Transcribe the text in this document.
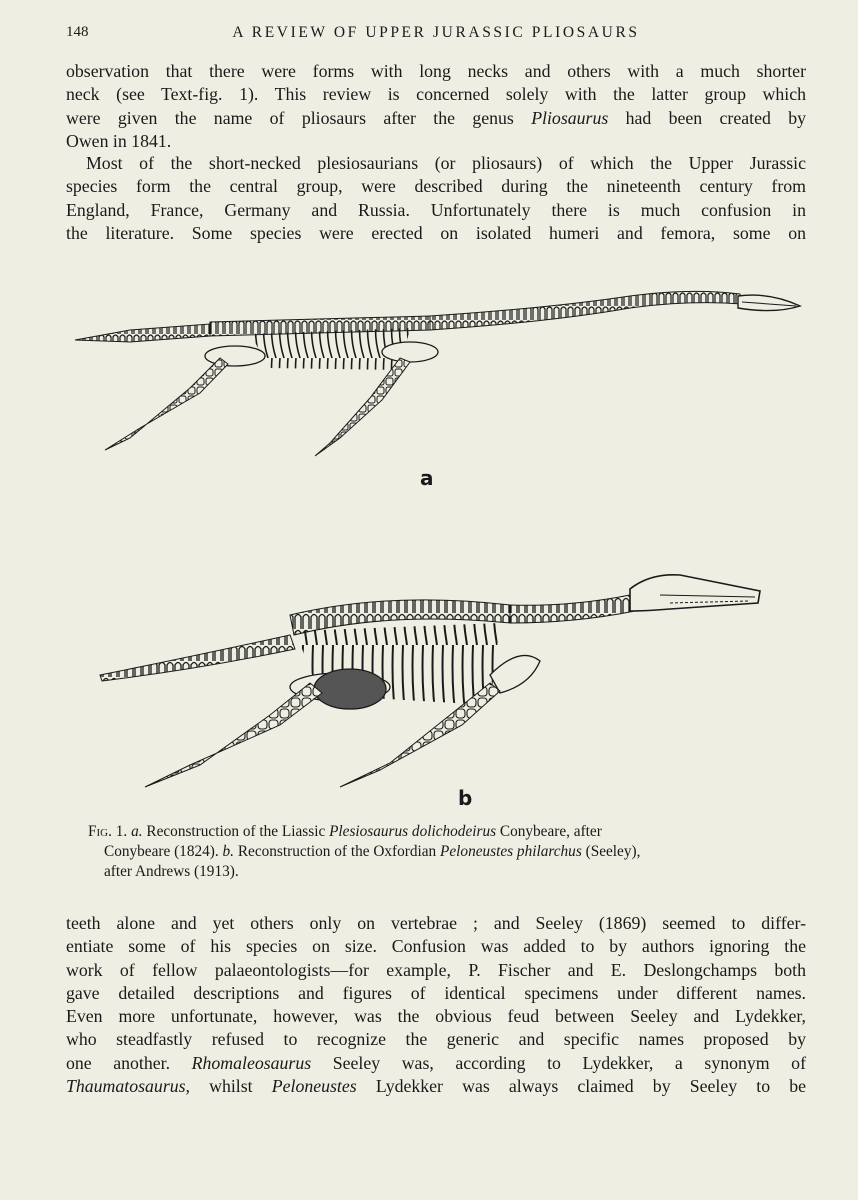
148	A REVIEW OF UPPER JURASSIC PLIOSAURS

observation that there were forms with long necks and others with a much shorter
neck (see Text-fig. 1). This review is concerned solely with the latter group which
were given the name of pliosaurs after the genus Pliosaurus had been created by
Owen in 1841.

Most of the short-necked plesiosaurians (or pliosaurs) of which the Upper Jurassic
species form the central group, were described during the nineteenth century from
England, France, Germany and Russia. Unfortunately there is much confusion in
the literature. Some species were erected on isolated humeri and femora, some on

a
b
Fig. 1. a. Reconstruction of the Liassic Plesiosaurus dolichodeirus Conybeare, after
Conybeare (1824). b. Reconstruction of the Oxfordian Peloneustes philarchus (Seeley),
after Andrews (1913).

teeth alone and yet others only on vertebrae ; and Seeley (1869) seemed to differ-
entiate some of his species on size. Confusion was added to by authors ignoring the
work of fellow palaeontologists—for example, P. Fischer and E. Deslongchamps both
gave detailed descriptions and figures of identical specimens under different names.
Even more unfortunate, however, was the obvious feud between Seeley and Lydekker,
who steadfastly refused to recognize the generic and specific names proposed by
one another. Rhomaleosaurus Seeley was, according to Lydekker, a synonym of
Thaumatosaurus, whilst Peloneustes Lydekker was always claimed by Seeley to be
